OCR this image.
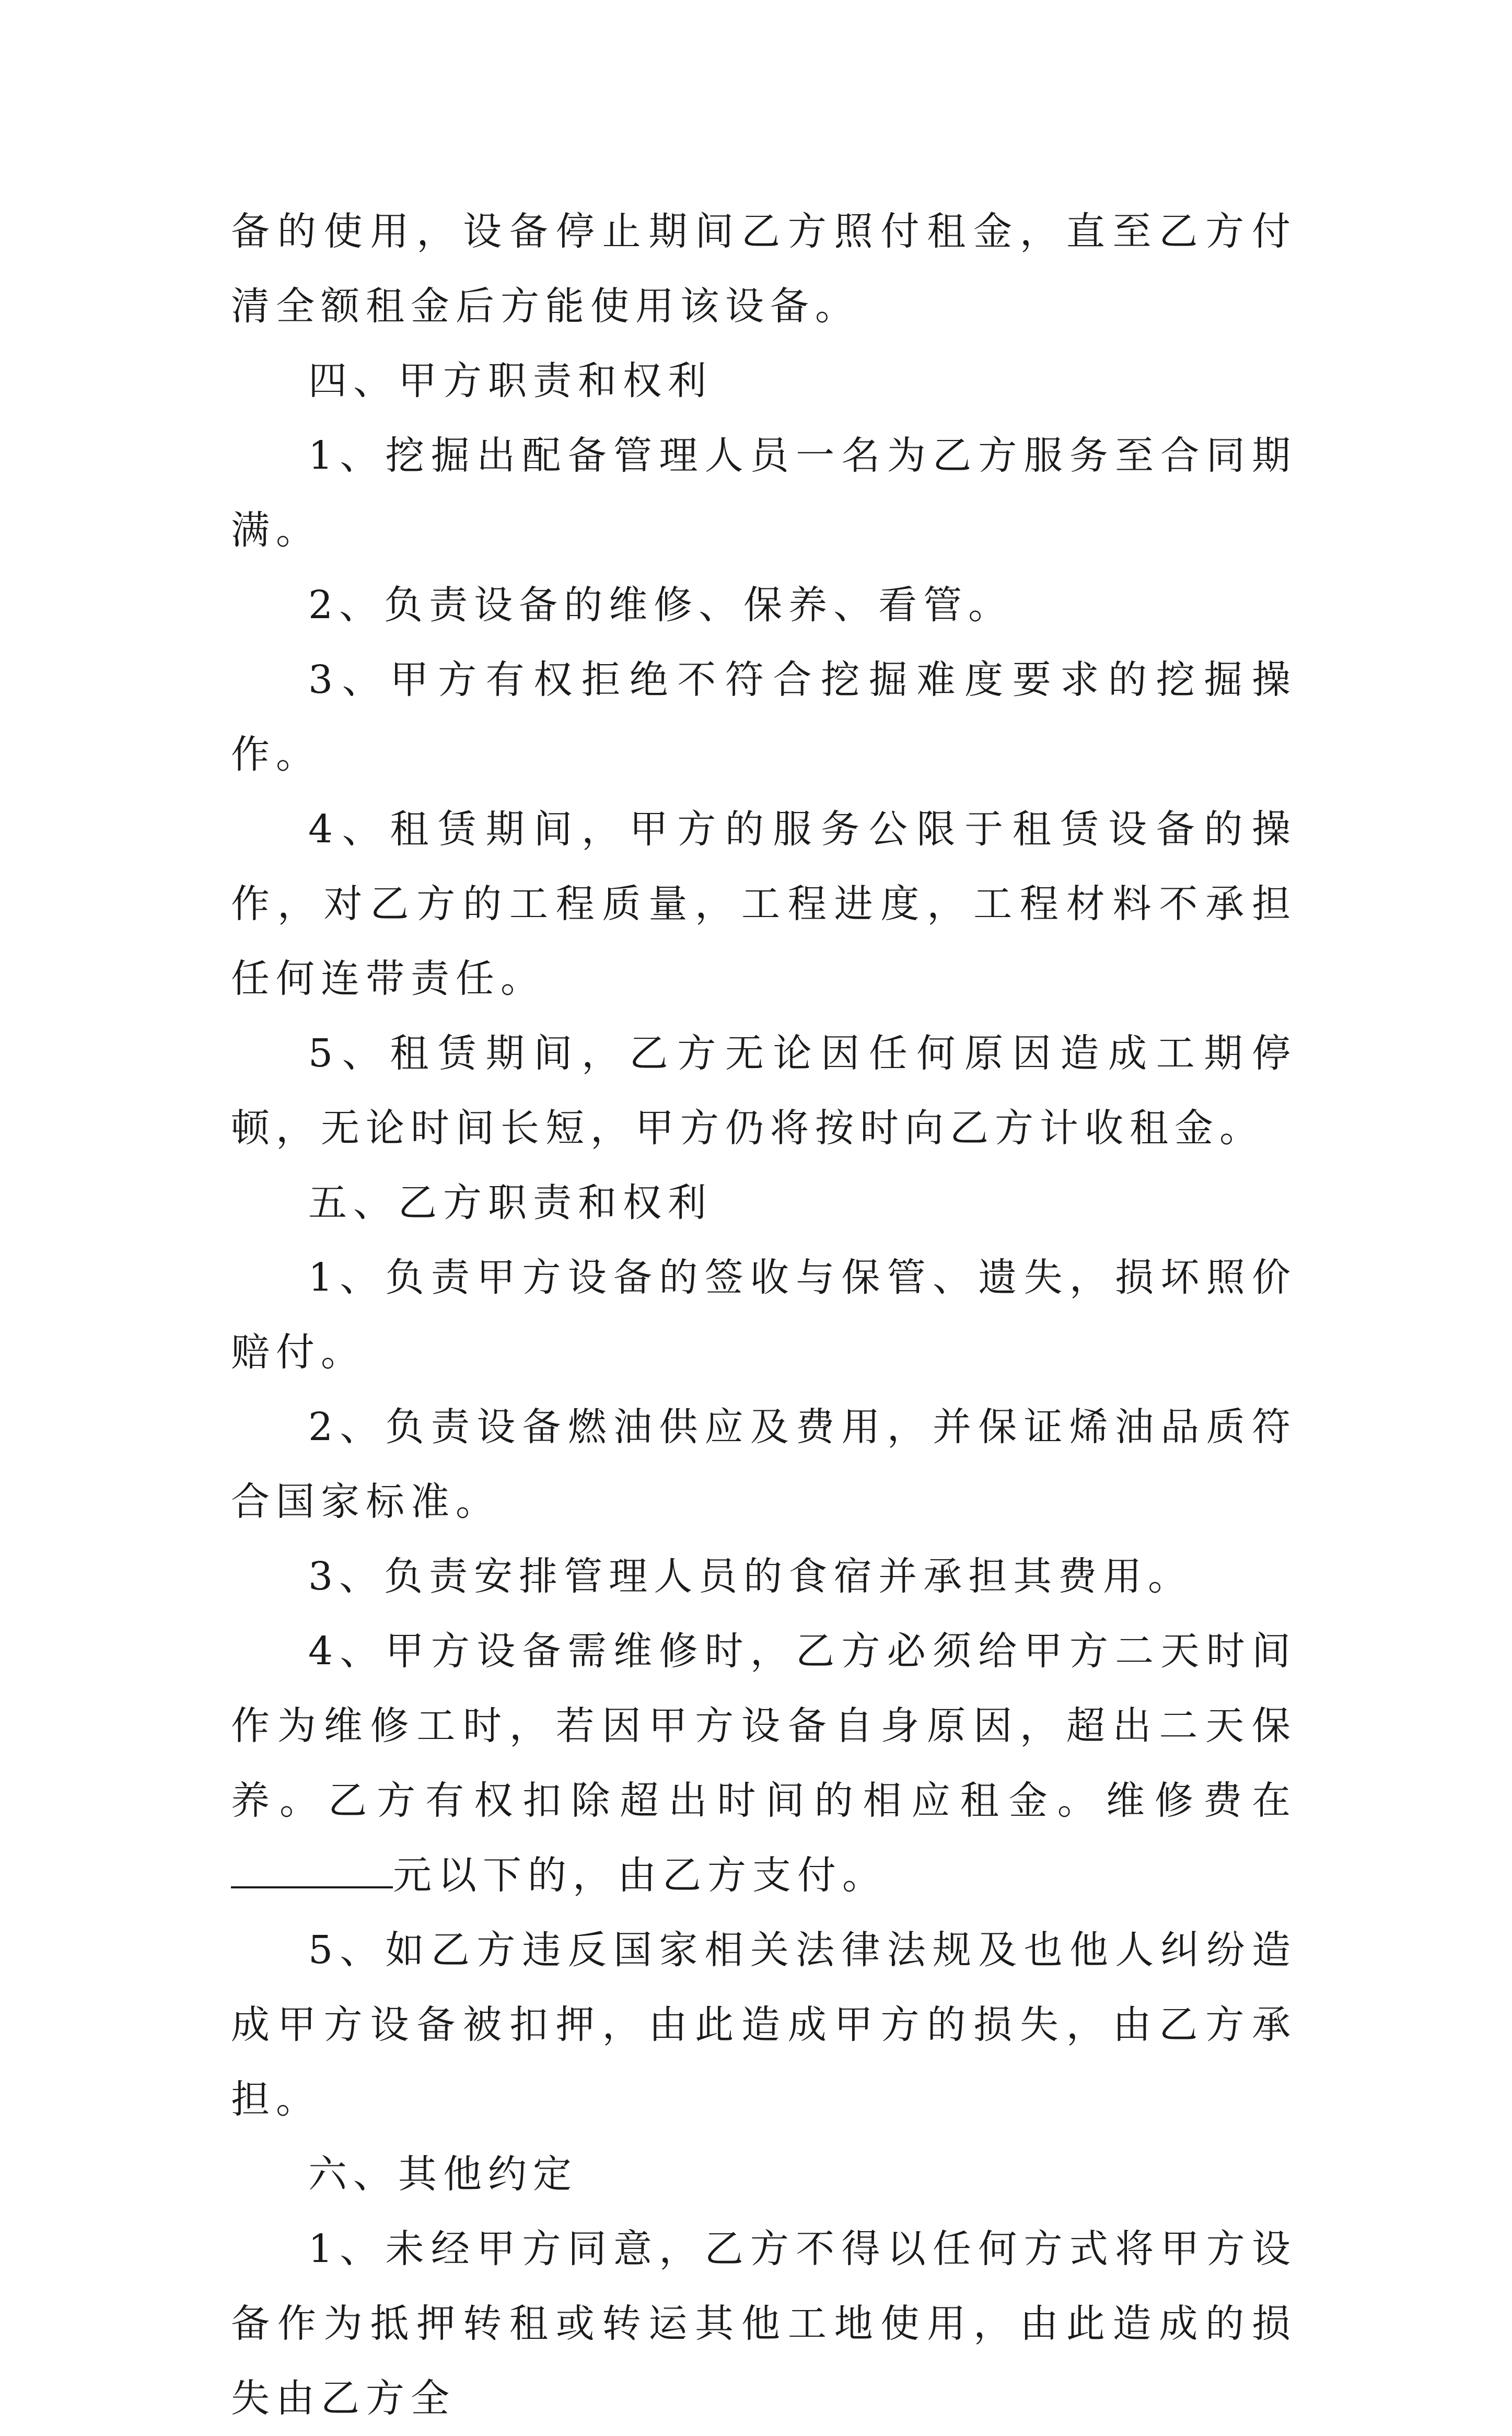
备的使用，设备停止期间乙方照付租金，直至乙方付清全额租金后方能使用该设备。

四、甲方职责和权利

1、挖掘出配备管理人员一名为乙方服务至合同期满。

2、负责设备的维修、保养、看管。

3、甲方有权拒绝不符合挖掘难度要求的挖掘操作。

4、租赁期间，甲方的服务公限于租赁设备的操作，对乙方的工程质量，工程进度，工程材料不承担任何连带责任。

5、租赁期间，乙方无论因任何原因造成工期停顿，无论时间长短，甲方仍将按时向乙方计收租金。

五、乙方职责和权利

1、负责甲方设备的签收与保管、遗失，损坏照价赔付。

2、负责设备燃油供应及费用，并保证烯油品质符合国家标准。

3、负责安排管理人员的食宿并承担其费用。

4、甲方设备需维修时，乙方必须给甲方二天时间作为维修工时，若因甲方设备自身原因，超出二天保养。乙方有权扣除超出时间的相应租金。维修费在元以下的，由乙方支付。

5、如乙方违反国家相关法律法规及也他人纠纷造成甲方设备被扣押，由此造成甲方的损失，由乙方承担。

六、其他约定

1、未经甲方同意，乙方不得以任何方式将甲方设备作为抵押转租或转运其他工地使用，由此造成的损失由乙方全
